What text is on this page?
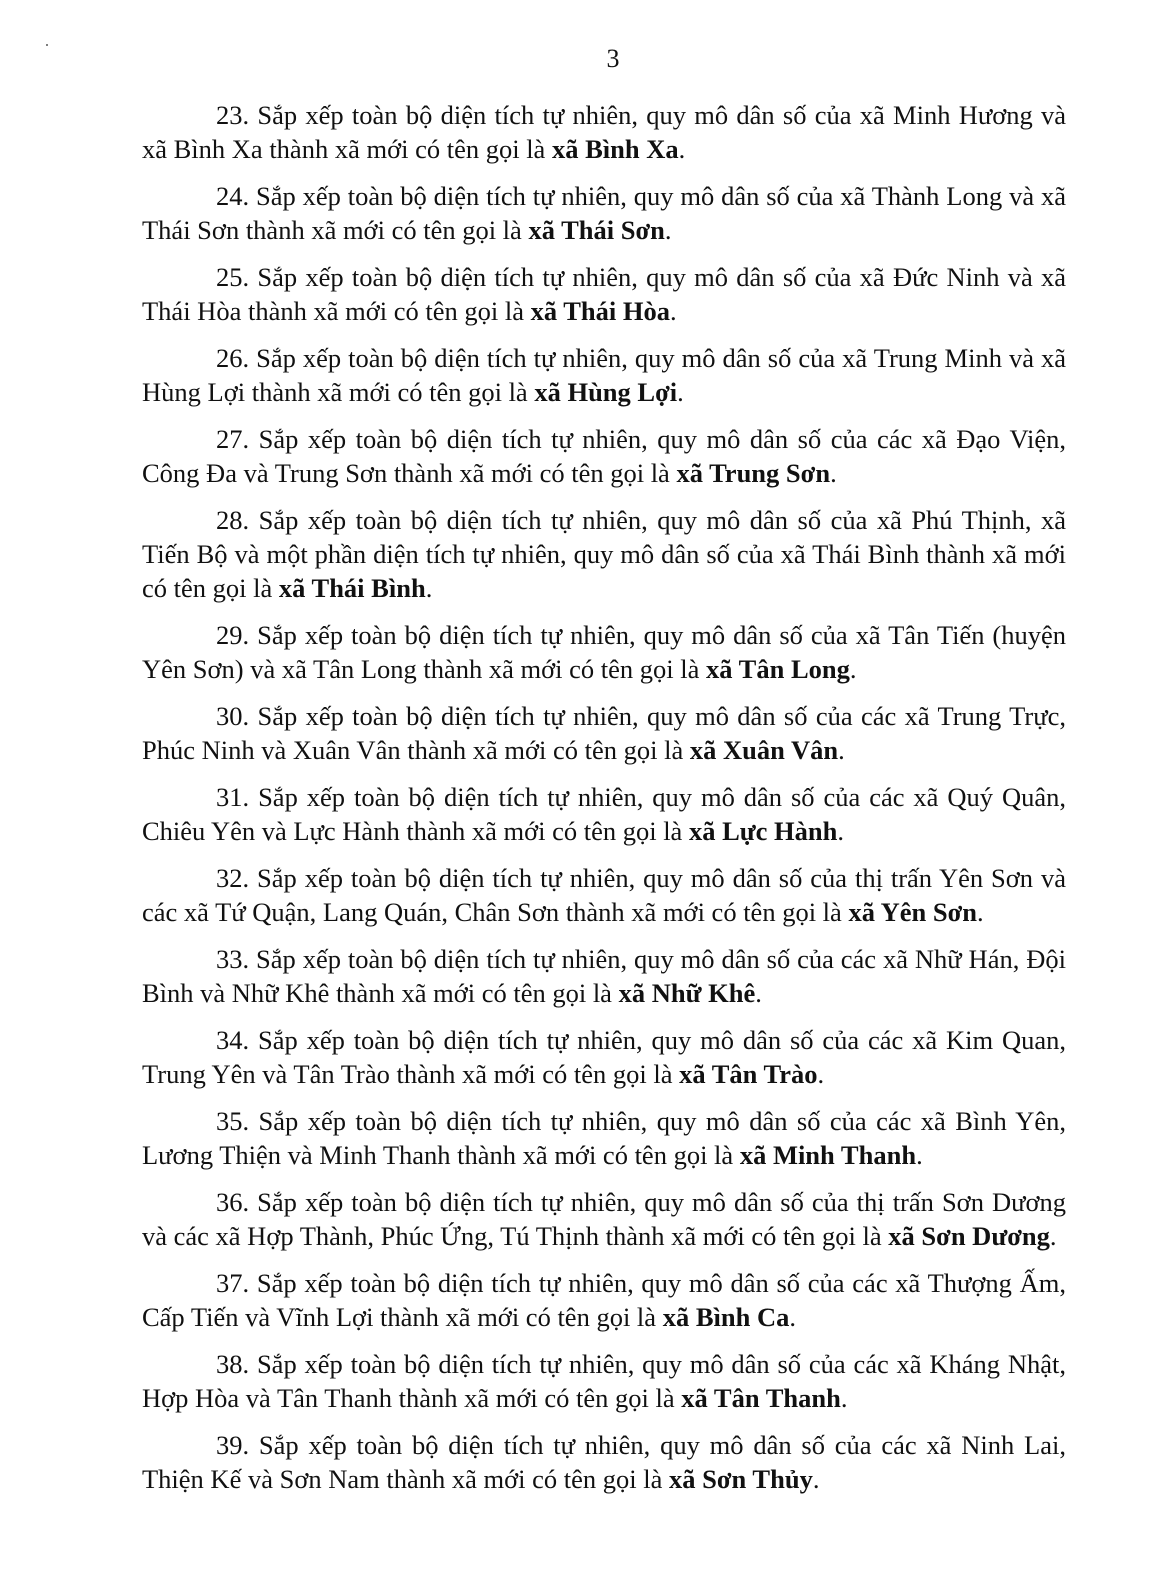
3

23. Sắp xếp toàn bộ diện tích tự nhiên, quy mô dân số của xã Minh Hương và xã Bình Xa thành xã mới có tên gọi là xã Bình Xa.

24. Sắp xếp toàn bộ diện tích tự nhiên, quy mô dân số của xã Thành Long và xã Thái Sơn thành xã mới có tên gọi là xã Thái Sơn.

25. Sắp xếp toàn bộ diện tích tự nhiên, quy mô dân số của xã Đức Ninh và xã Thái Hòa thành xã mới có tên gọi là xã Thái Hòa.

26. Sắp xếp toàn bộ diện tích tự nhiên, quy mô dân số của xã Trung Minh và xã Hùng Lợi thành xã mới có tên gọi là xã Hùng Lợi.

27. Sắp xếp toàn bộ diện tích tự nhiên, quy mô dân số của các xã Đạo Viện, Công Đa và Trung Sơn thành xã mới có tên gọi là xã Trung Sơn.

28. Sắp xếp toàn bộ diện tích tự nhiên, quy mô dân số của xã Phú Thịnh, xã Tiến Bộ và một phần diện tích tự nhiên, quy mô dân số của xã Thái Bình thành xã mới có tên gọi là xã Thái Bình.

29. Sắp xếp toàn bộ diện tích tự nhiên, quy mô dân số của xã Tân Tiến (huyện Yên Sơn) và xã Tân Long thành xã mới có tên gọi là xã Tân Long.

30. Sắp xếp toàn bộ diện tích tự nhiên, quy mô dân số của các xã Trung Trực, Phúc Ninh và Xuân Vân thành xã mới có tên gọi là xã Xuân Vân.

31. Sắp xếp toàn bộ diện tích tự nhiên, quy mô dân số của các xã Quý Quân, Chiêu Yên và Lực Hành thành xã mới có tên gọi là xã Lực Hành.

32. Sắp xếp toàn bộ diện tích tự nhiên, quy mô dân số của thị trấn Yên Sơn và các xã Tứ Quận, Lang Quán, Chân Sơn thành xã mới có tên gọi là xã Yên Sơn.

33. Sắp xếp toàn bộ diện tích tự nhiên, quy mô dân số của các xã Nhữ Hán, Đội Bình và Nhữ Khê thành xã mới có tên gọi là xã Nhữ Khê.

34. Sắp xếp toàn bộ diện tích tự nhiên, quy mô dân số của các xã Kim Quan, Trung Yên và Tân Trào thành xã mới có tên gọi là xã Tân Trào.

35. Sắp xếp toàn bộ diện tích tự nhiên, quy mô dân số của các xã Bình Yên, Lương Thiện và Minh Thanh thành xã mới có tên gọi là xã Minh Thanh.

36. Sắp xếp toàn bộ diện tích tự nhiên, quy mô dân số của thị trấn Sơn Dương và các xã Hợp Thành, Phúc Ứng, Tú Thịnh thành xã mới có tên gọi là xã Sơn Dương.

37. Sắp xếp toàn bộ diện tích tự nhiên, quy mô dân số của các xã Thượng Ấm, Cấp Tiến và Vĩnh Lợi thành xã mới có tên gọi là xã Bình Ca.

38. Sắp xếp toàn bộ diện tích tự nhiên, quy mô dân số của các xã Kháng Nhật, Hợp Hòa và Tân Thanh thành xã mới có tên gọi là xã Tân Thanh.

39. Sắp xếp toàn bộ diện tích tự nhiên, quy mô dân số của các xã Ninh Lai, Thiện Kế và Sơn Nam thành xã mới có tên gọi là xã Sơn Thủy.
